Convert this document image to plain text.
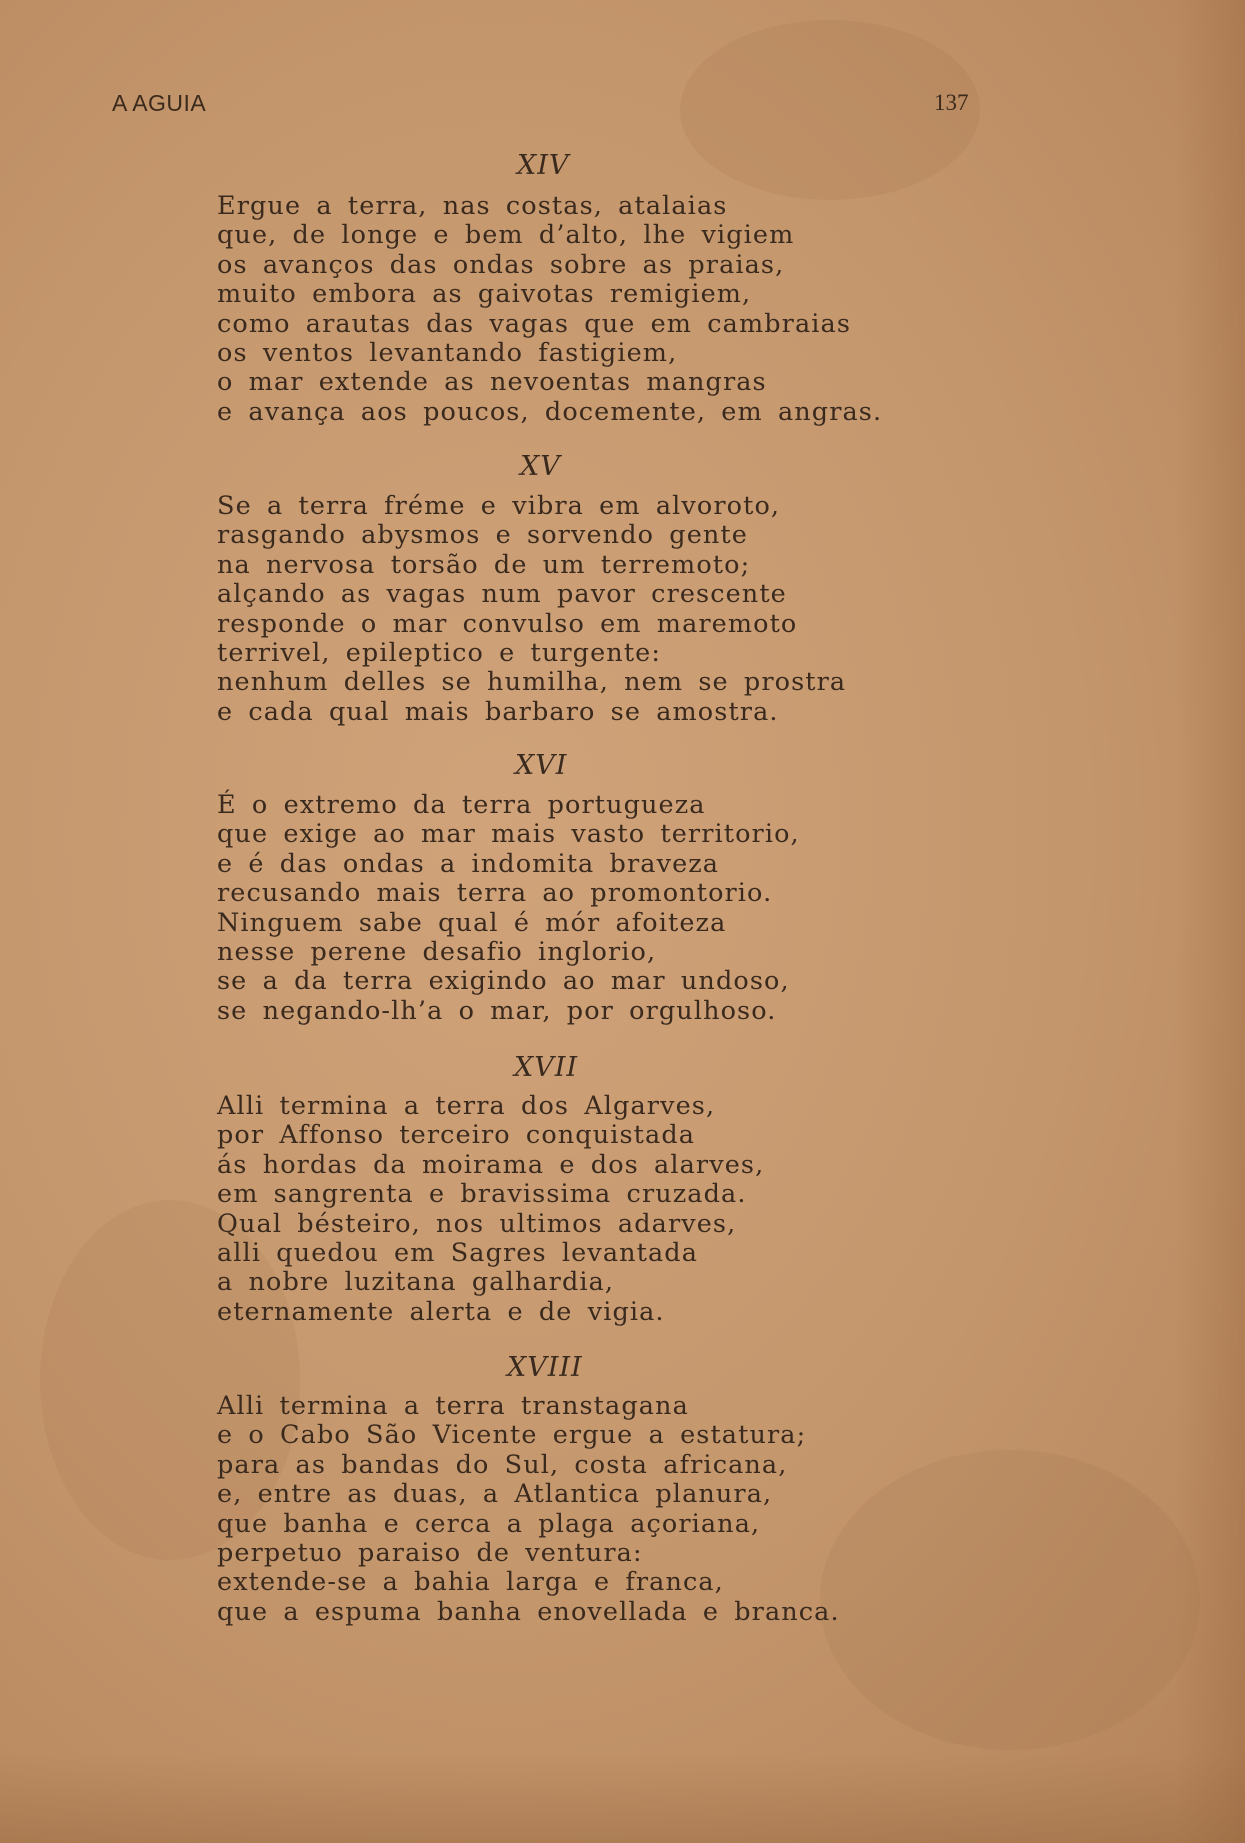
A AGUIA	137
XIV
Ergue a terra, nas costas, atalaias
que, de longe e bem d’alto, lhe vigiem
os avanços das ondas sobre as praias,
muito embora as gaivotas remigiem,
como arautas das vagas que em cambraias
os ventos levantando fastigiem,
o mar extende as nevoentas mangras
e avança aos poucos, docemente, em angras.
XV
Se a terra fréme e vibra em alvoroto,
rasgando abysmos e sorvendo gente
na nervosa torsão de um terremoto;
alçando as vagas num pavor crescente
responde o mar convulso em maremoto
terrivel, epileptico e turgente:
nenhum delles se humilha, nem se prostra
e cada qual mais barbaro se amostra.
XVI
É o extremo da terra portugueza
que exige ao mar mais vasto territorio,
e é das ondas a indomita braveza
recusando mais terra ao promontorio.
Ninguem sabe qual é mór afoiteza
nesse perene desafio inglorio,
se a da terra exigindo ao mar undoso,
se negando-lh’a o mar, por orgulhoso.
XVII
Alli termina a terra dos Algarves,
por Affonso terceiro conquistada
ás hordas da moirama e dos alarves,
em sangrenta e bravissima cruzada.
Qual bésteiro, nos ultimos adarves,
alli quedou em Sagres levantada
a nobre luzitana galhardia,
eternamente alerta e de vigia.
XVIII
Alli termina a terra transtagana
e o Cabo São Vicente ergue a estatura;
para as bandas do Sul, costa africana,
e, entre as duas, a Atlantica planura,
que banha e cerca a plaga açoriana,
perpetuo paraiso de ventura:
extende-se a bahia larga e franca,
que a espuma banha enovellada e branca.
